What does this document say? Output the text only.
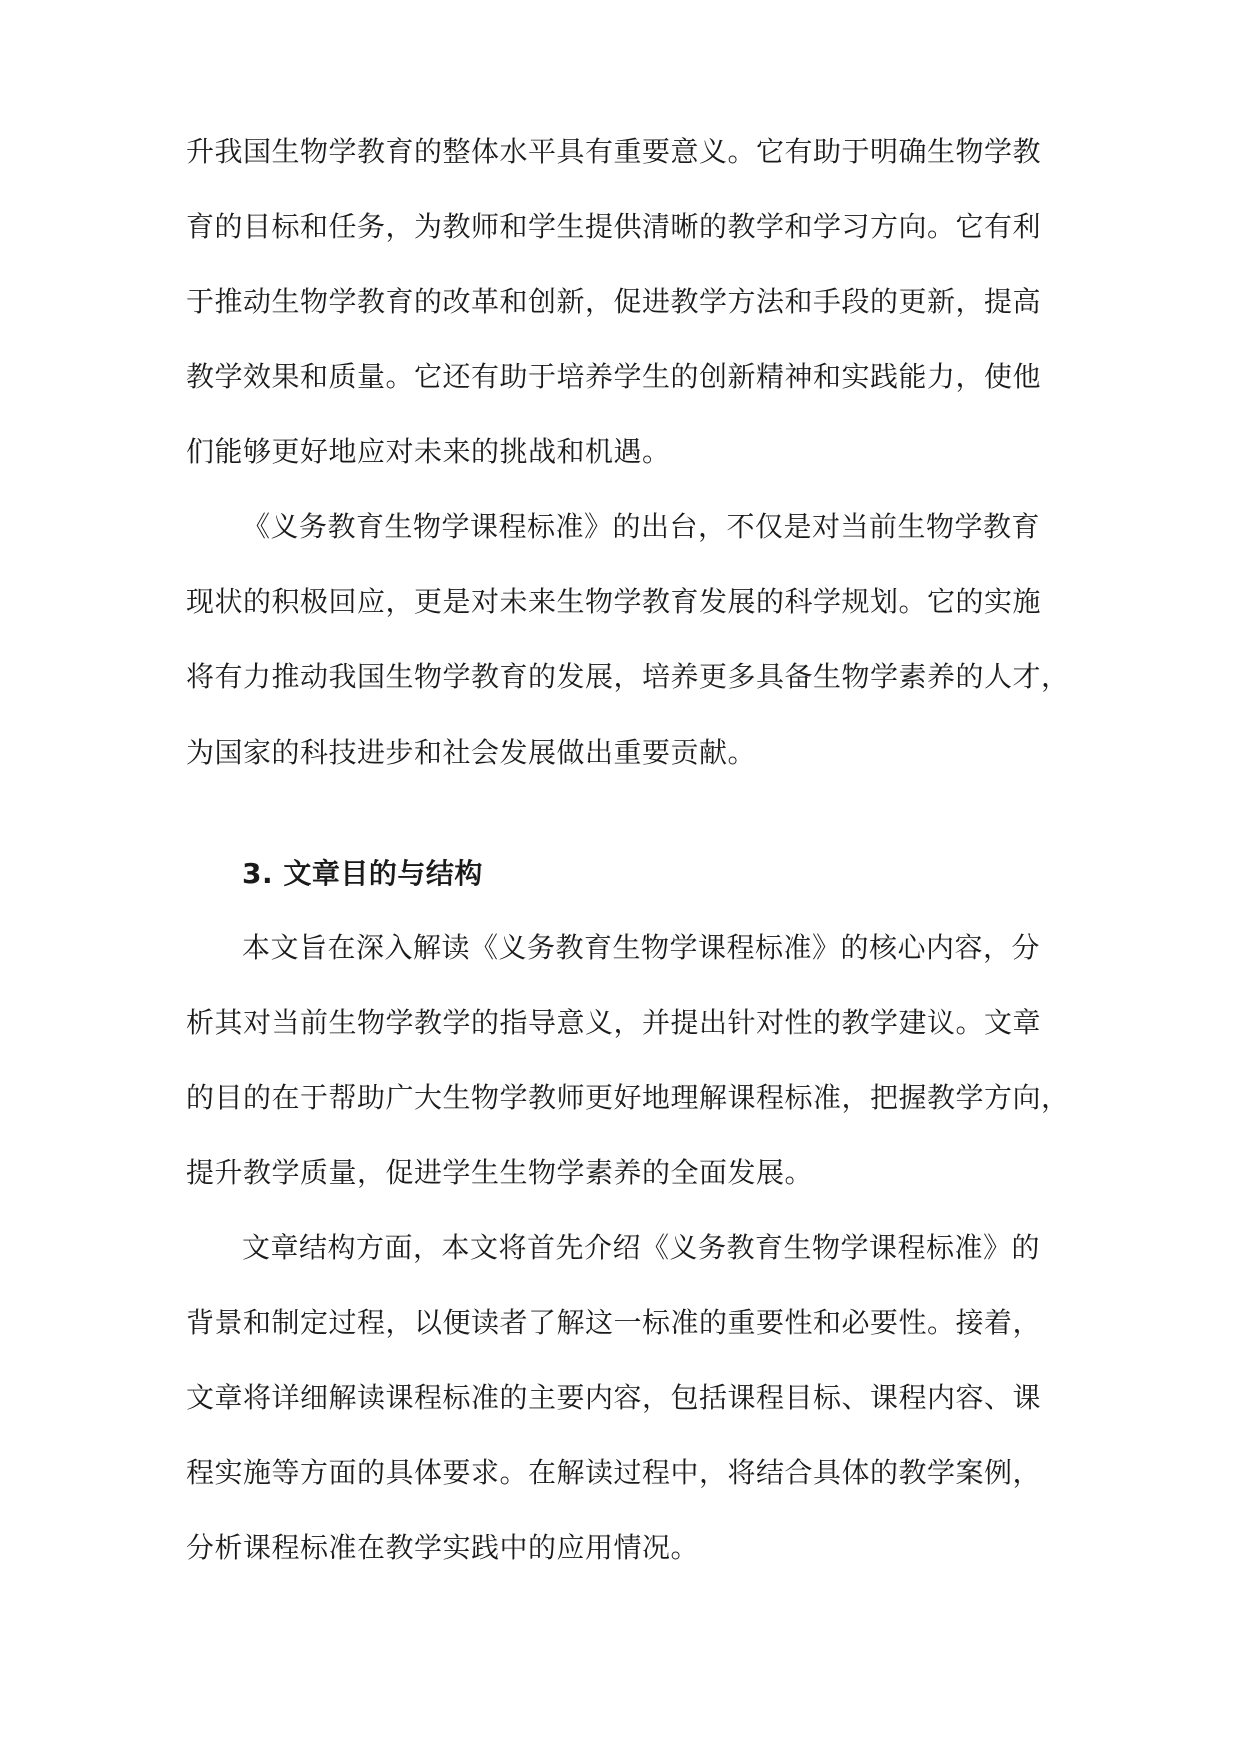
升我国生物学教育的整体水平具有重要意义。它有助于明确生物学教
育的目标和任务，为教师和学生提供清晰的教学和学习方向。它有利
于推动生物学教育的改革和创新，促进教学方法和手段的更新，提高
教学效果和质量。它还有助于培养学生的创新精神和实践能力，使他
们能够更好地应对未来的挑战和机遇。
《义务教育生物学课程标准》的出台，不仅是对当前生物学教育
现状的积极回应，更是对未来生物学教育发展的科学规划。它的实施
将有力推动我国生物学教育的发展，培养更多具备生物学素养的人才，
为国家的科技进步和社会发展做出重要贡献。
3. 文章目的与结构
本文旨在深入解读《义务教育生物学课程标准》的核心内容，分
析其对当前生物学教学的指导意义，并提出针对性的教学建议。文章
的目的在于帮助广大生物学教师更好地理解课程标准，把握教学方向，
提升教学质量，促进学生生物学素养的全面发展。
文章结构方面，本文将首先介绍《义务教育生物学课程标准》的
背景和制定过程，以便读者了解这一标准的重要性和必要性。接着，
文章将详细解读课程标准的主要内容，包括课程目标、课程内容、课
程实施等方面的具体要求。在解读过程中，将结合具体的教学案例，
分析课程标准在教学实践中的应用情况。
